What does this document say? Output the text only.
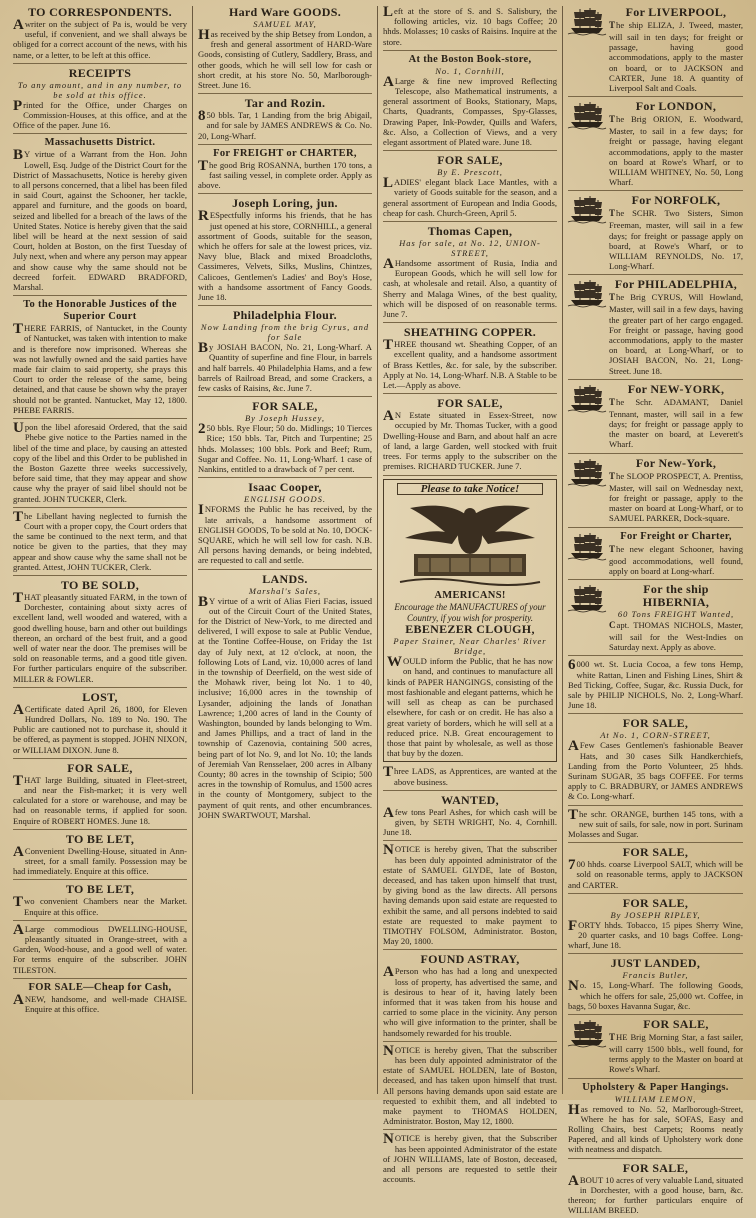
TO CORRESPONDENTS.
Awriter on the subject of Pa is, would be very useful, if convenient, and we shall always be obliged for a correct account of the news, with his name, or a letter, to be left at this office.
RECEIPTS
To any amount, and in any number, to be sold at this office.
Printed for the Office, under Charges on Commission-Houses, at this office, and at the Office of the paper. June 16.
Massachusetts District.
BY virtue of a Warrant from the Hon. John Lowell, Esq. Judge of the District Court for the District of Massachusetts, Notice is hereby given to all persons concerned, that a libel has been filed in said Court, against the Schooner, her tackle, apparel and furniture, and the goods on board, seized and libelled for a breach of the laws of the United States. Notice is hereby given that the said libel will be heard at the next session of said Court, holden at Boston, on the first Tuesday of July next, when and where any person may appear and show cause why the same should not be decreed forfeit. EDWARD BRADFORD, Marshal.
To the Honorable Justices of the Superior Court
THERE FARRIS, of Nantucket, in the County of Nantucket, was taken with intention to make and is therefore now imprisoned. Whereas she was not lawfully owned and the said parties have made fair claim to said property, she prays this Court to order the release of the same, being detained, and that cause be shown why the prayer should not be granted. Nantucket, May 12, 1800. PHEBE FARRIS.
Upon the libel aforesaid Ordered, that the said Phebe give notice to the Parties named in the libel of the time and place, by causing an attested copy of the libel and this Order to be published in the Boston Gazette three weeks successively, before said time, that they may appear and show cause why the prayer of said libel should not be granted. JOHN TUCKER, Clerk.
The Libellant having neglected to furnish the Court with a proper copy, the Court orders that the same be continued to the next term, and that notice be given to the parties, that they may appear and show cause why the same shall not be granted. Attest, JOHN TUCKER, Clerk.
TO BE SOLD,
THAT pleasantly situated FARM, in the town of Dorchester, containing about sixty acres of excellent land, well wooded and watered, with a good dwelling house, barn and other out buildings thereon, an orchard of the best fruit, and a good well of water near the door. The premises will be sold on reasonable terms, and a good title given. For further particulars enquire of the subscriber. MILLER & FOWLER.
LOST,
ACertificate dated April 26, 1800, for Eleven Hundred Dollars, No. 189 to No. 190. The Public are cautioned not to purchase it, should it be offered, as payment is stopped. JOHN NIXON, or WILLIAM DIXON. June 8.
FOR SALE,
THAT large Building, situated in Fleet-street, and near the Fish-market; it is very well calculated for a store or warehouse, and may be had on reasonable terms, if applied for soon. Enquire of ROBERT HOMES. June 18.
TO BE LET,
AConvenient Dwelling-House, situated in Ann-street, for a small family. Possession may be had immediately. Enquire at this office.
TO BE LET,
Two convenient Chambers near the Market. Enquire at this office.
ALarge commodious DWELLING-HOUSE, pleasantly situated in Orange-street, with a Garden, Wood-house, and a good well of water. For terms enquire of the subscriber. JOHN TILESTON.
FOR SALE—Cheap for Cash,
ANEW, handsome, and well-made CHAISE. Enquire at this office.
Hard Ware GOODS.
SAMUEL MAY,
Has received by the ship Betsey from London, a fresh and general assortment of HARD-Ware Goods, consisting of Cutlery, Saddlery, Brass, and other goods, which he will sell low for cash or short credit, at his store No. 50, Marlborough-Street. June 16.
Tar and Rozin.
850 bbls. Tar, 1 Landing from the brig Abigail, and for sale by JAMES ANDREWS & Co. No. 20, Long-Wharf.
For FREIGHT or CHARTER,
The good Brig ROSANNA, burthen 170 tons, a fast sailing vessel, in complete order. Apply as above.
Joseph Loring, jun.
RESpectfully informs his friends, that he has just opened at his store, CORNHILL, a general assortment of Goods, suitable for the season, which he offers for sale at the lowest prices, viz. Navy blue, Black and mixed Broadcloths, Cassimeres, Velvets, Silks, Muslins, Chintzes, Calicoes, Gentlemen's Ladies' and Boy's Hose, with a handsome assortment of Fancy Goods. June 18.
Philadelphia Flour.
Now Landing from the brig Cyrus, and for Sale
By JOSIAH BACON, No. 21, Long-Wharf. A Quantity of superfine and fine Flour, in barrels and half barrels. 40 Philadelphia Hams, and a few barrels of Railroad Bread, and some Crackers, a few casks of Raisins, &c. June 7.
FOR SALE,
By Joseph Hussey,
250 bbls. Rye Flour; 50 do. Midlings; 10 Tierces Rice; 150 bbls. Tar, Pitch and Turpentine; 25 hhds. Molasses; 100 bbls. Pork and Beef; Rum, Sugar and Coffee. No. 11, Long-Wharf. 1 case of Nankins, entitled to a drawback of 7 per cent.
Isaac Cooper,
ENGLISH GOODS.
INFORMS the Public he has received, by the late arrivals, a handsome assortment of ENGLISH GOODS, To be sold at No. 10, DOCK-SQUARE, which he will sell low for cash. N.B. All persons having demands, or being indebted, are requested to call and settle.
LANDS.
Marshal's Sales,
BY virtue of a writ of Alias Fieri Facias, issued out of the Circuit Court of the United States, for the District of New-York, to me directed and delivered, I will expose to sale at Public Vendue, at the Tontine Coffee-House, on Friday the 1st day of July next, at 12 o'clock, at noon, the following Lots of Land, viz. 10,000 acres of land in the township of Deerfield, on the west side of the Mohawk river, being lot No. 1 to 40, inclusive; 16,000 acres in the township of Lysander, adjoining the lands of Jonathan Lawrence; 1,200 acres of land in the County of Washington, bounded by lands belonging to Wm. and James Phillips, and a tract of land in the township of Cazenovia, containing 500 acres, being part of lot No. 9, and lot No. 10; the lands of Jeremiah Van Rensselaer, 200 acres in Albany County; 80 acres in the township of Scipio; 500 acres in the township of Romulus, and 1500 acres in the county of Montgomery, subject to the payment of quit rents, and other encumbrances. JOHN SWARTWOUT, Marshal.
Left at the store of S. and S. Salisbury, the following articles, viz. 10 bags Coffee; 20 hhds. Molasses; 10 casks of Raisins. Inquire at the store.
At the Boston Book-store,
No. 1, Cornhill,
ALarge & fine new improved Reflecting Telescope, also Mathematical instruments, a general assortment of Books, Stationary, Maps, Charts, Quadrants, Compasses, Spy-Glasses, Drawing Paper, Ink-Powder, Quills and Wafers, &c. Also, a Collection of Views, and a very elegant assortment of Plated ware. June 18.
FOR SALE,
By E. Prescott,
LADIES' elegant black Lace Mantles, with a variety of Goods suitable for the season, and a general assortment of European and India Goods, cheap for cash. Church-Green, April 5.
Thomas Capen,
Has for sale, at No. 12, UNION-STREET,
AHandsome assortment of Rusia, India and European Goods, which he will sell low for cash, at wholesale and retail. Also, a quantity of Sherry and Malaga Wines, of the best quality, which will be disposed of on reasonable terms. June 7.
SHEATHING COPPER.
THREE thousand wt. Sheathing Copper, of an excellent quality, and a handsome assortment of Brass Kettles, &c. for sale, by the subscriber. Apply at No. 14, Long-Wharf. N.B. A Stable to be Let.—Apply as above.
FOR SALE,
AN Estate situated in Essex-Street, now occupied by Mr. Thomas Tucker, with a good Dwelling-House and Barn, and about half an acre of land, a large Garden, well stocked with fruit trees. For terms apply to the subscriber on the premises. RICHARD TUCKER. June 7.
Please to take Notice!
AMERICANS!
Encourage the MANUFACTURES of your Country, if you wish for prosperity.
EBENEZER CLOUGH,
Paper Stainer, Near Charles' River Bridge,
WOULD inform the Public, that he has now on hand, and continues to manufacture all kinds of PAPER HANGINGS, consisting of the most fashionable and elegant patterns, which he will sell as cheap as can be purchased elsewhere, for cash or on credit. He has also a great variety of borders, which he will sell at a reduced price. N.B. Great encouragement to those that paint by wholesale, as well as those that buy by the dozen.
Three LADS, as Apprentices, are wanted at the above business.
WANTED,
Afew tons Pearl Ashes, for which cash will be given, by SETH WRIGHT, No. 4, Cornhill. June 18.
NOTICE is hereby given, That the subscriber has been duly appointed administrator of the estate of SAMUEL GLYDE, late of Boston, deceased, and has taken upon himself that trust, by giving bond as the law directs. All persons having demands upon said estate are requested to exhibit the same, and all persons indebted to said estate are requested to make payment to TIMOTHY FOLSOM, Administrator. Boston, May 20, 1800.
FOUND ASTRAY,
APerson who has had a long and unexpected loss of property, has advertised the same, and is desirous to hear of it, having lately been informed that it was taken from his house and carried to some place in the vicinity. Any person who will give information to the printer, shall be handsomely rewarded for his trouble.
NOTICE is hereby given, That the subscriber has been duly appointed administrator of the estate of SAMUEL HOLDEN, late of Boston, deceased, and has taken upon himself that trust. All persons having demands upon said estate are requested to exhibit them, and all indebted to make payment to THOMAS HOLDEN, Administrator. Boston, May 12, 1800.
NOTICE is hereby given, that the Subscriber has been appointed Administrator of the estate of JOHN WILLIAMS, late of Boston, deceased, and all persons are requested to settle their accounts.
For LIVERPOOL,
The ship ELIZA, J. Tweed, master, will sail in ten days; for freight or passage, having good accommodations, apply to the master on board, or to JACKSON and CARTER, June 18. A quantity of Liverpool Salt and Coals.
For LONDON,
The Brig ORION, E. Woodward, Master, to sail in a few days; for freight or passage, having elegant accommodations, apply to the master on board at Rowe's Wharf, or to WILLIAM WHITNEY, No. 50, Long Wharf.
For NORFOLK,
The SCHR. Two Sisters, Simon Freeman, master, will sail in a few days; for freight or passage apply on board, at Rowe's Wharf, or to WILLIAM REYNOLDS, No. 17, Long-Wharf.
For PHILADELPHIA,
The Brig CYRUS, Will Howland, Master, will sail in a few days, having the greater part of her cargo engaged. For freight or passage, having good accommodations, apply to the master on board, at Long-Wharf, or to JOSIAH BACON, No. 21, Long-Street. June 18.
For NEW-YORK,
The Schr. ADAMANT, Daniel Tennant, master, will sail in a few days; for freight or passage apply to the master on board, at Leverett's Wharf.
For New-York,
The SLOOP PROSPECT, A. Prentiss, Master, will sail on Wednesday next, for freight or passage, apply to the master on board at Long-Wharf, or to SAMUEL PARKER, Dock-square.
For Freight or Charter,
The new elegant Schooner, having good accommodations, well found, apply on board at Long-wharf.
For the ship HIBERNIA,
60 Tons FREIGHT Wanted,
Capt. THOMAS NICHOLS, Master, will sail for the West-Indies on Saturday next. Apply as above.
6000 wt. St. Lucia Cocoa, a few tons Hemp, white Rattan, Linen and Fishing Lines, Shirt & Bed Ticking, Coffee, Sugar, &c. Russia Duck, for sale by PHILIP NICHOLS, No. 2, Long-Wharf. June 18.
FOR SALE,
At No. 1, CORN-STREET,
AFew Cases Gentlemen's fashionable Beaver Hats, and 30 cases Silk Handkerchiefs, Landing from the Porto Volunteer, 25 hhds. Surinam SUGAR, 35 bags COFFEE. For terms apply to C. BRADBURY, or JAMES ANDREWS & Co. Long-wharf.
The schr. ORANGE, burthen 145 tons, with a new suit of sails, for sale, now in port. Surinam Molasses and Sugar.
FOR SALE,
700 hhds. coarse Liverpool SALT, which will be sold on reasonable terms, apply to JACKSON and CARTER.
FOR SALE,
By JOSEPH RIPLEY,
FORTY hhds. Tobacco, 15 pipes Sherry Wine, 20 quarter casks, and 10 bags Coffee. Long-wharf, June 18.
JUST LANDED,
Francis Butler,
No. 15, Long-Wharf. The following Goods, which he offers for sale, 25,000 wt. Coffee, in bags, 50 boxes Havanna Sugar, &c.
FOR SALE,
THE Brig Morning Star, a fast sailer, will carry 1500 bbls., well found, for terms apply to the Master on board at Rowe's Wharf.
Upholstery & Paper Hangings.
WILLIAM LEMON,
Has removed to No. 52, Marlborough-Street, Where he has for sale, SOFAS, Easy and Rolling Chairs, best Carpets; Rooms neatly Papered, and all kinds of Upholstery work done with neatness and dispatch.
FOR SALE,
ABOUT 10 acres of very valuable Land, situated in Dorchester, with a good house, barn, &c. thereon; for further particulars enquire of WILLIAM BREED.
